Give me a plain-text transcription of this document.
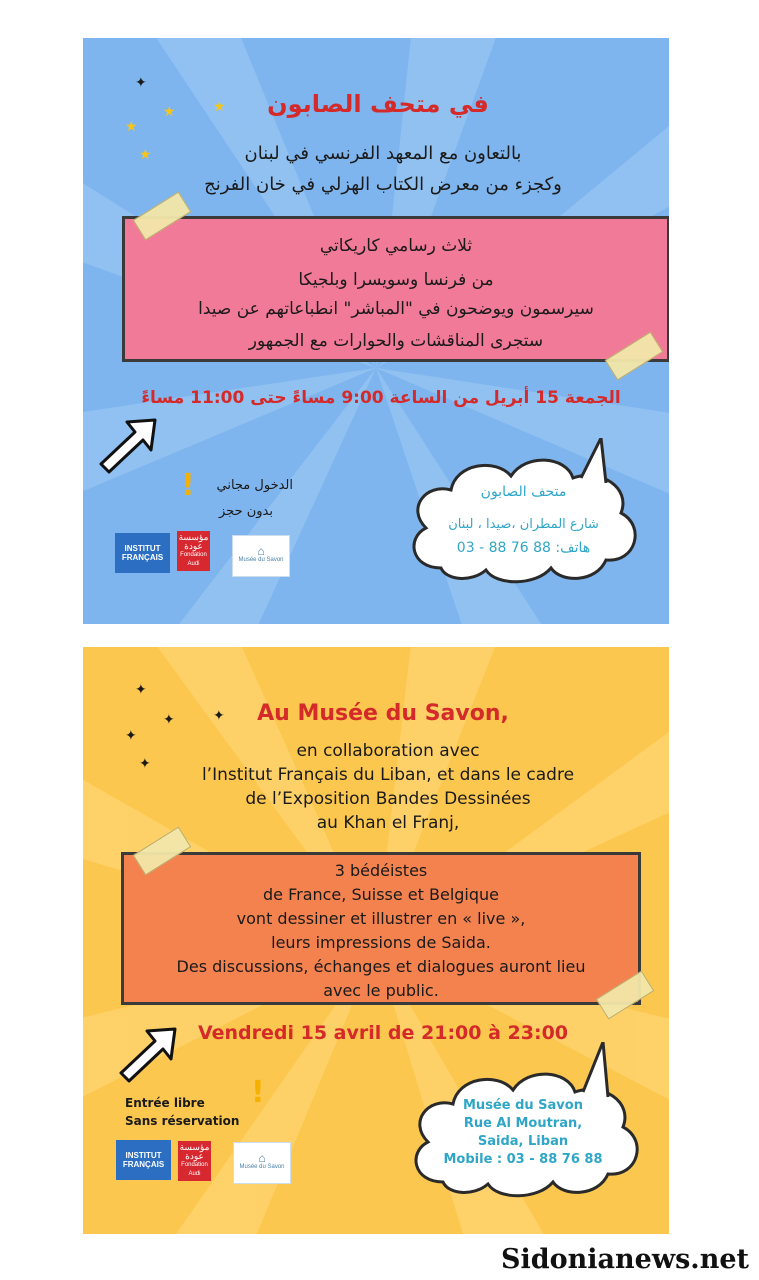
✦
★	★
★
★
في متحف الصابون
بالتعاون مع المعهد الفرنسي في لبنان
وكجزء من معرض الكتاب الهزلي في خان الفرنج
ثلاث رسامي كاريكاتي
من فرنسا وسويسرا وبلجيكا
سيرسمون ويوضحون في "المباشر" انطباعاتهم عن صيدا
ستجرى المناقشات والحوارات مع الجمهور
الجمعة 15 أبريل من الساعة 9:00 مساءً حتى 11:00 مساءً
!	الدخول مجاني
بدون حجز
INSTITUT FRANÇAIS
مؤسسة عودة
Fondation Audi
⌂
Musée du Savon
متحف الصابون
شارع المطران ،صيدا ، لبنان
هاتف: 88 76 88 - 03
✦
✦	✦
✦
✦
Au Musée du Savon,
en collaboration avec
l’Institut Français du Liban, et dans le cadre
de l’Exposition Bandes Dessinées
au Khan el Franj,
3 bédéistes
de France, Suisse et Belgique
vont dessiner et illustrer en « live »,
leurs impressions de Saida.
Des discussions, échanges et dialogues auront lieu
avec le public.
Vendredi 15 avril de 21:00 à 23:00
!
Entrée libre
Sans réservation
INSTITUT FRANÇAIS
مؤسسة عودة
Fondation Audi
⌂
Musée du Savon
Musée du Savon
Rue Al Moutran,
Saida, Liban
Mobile : 03 - 88 76 88
Sidonianews.net
